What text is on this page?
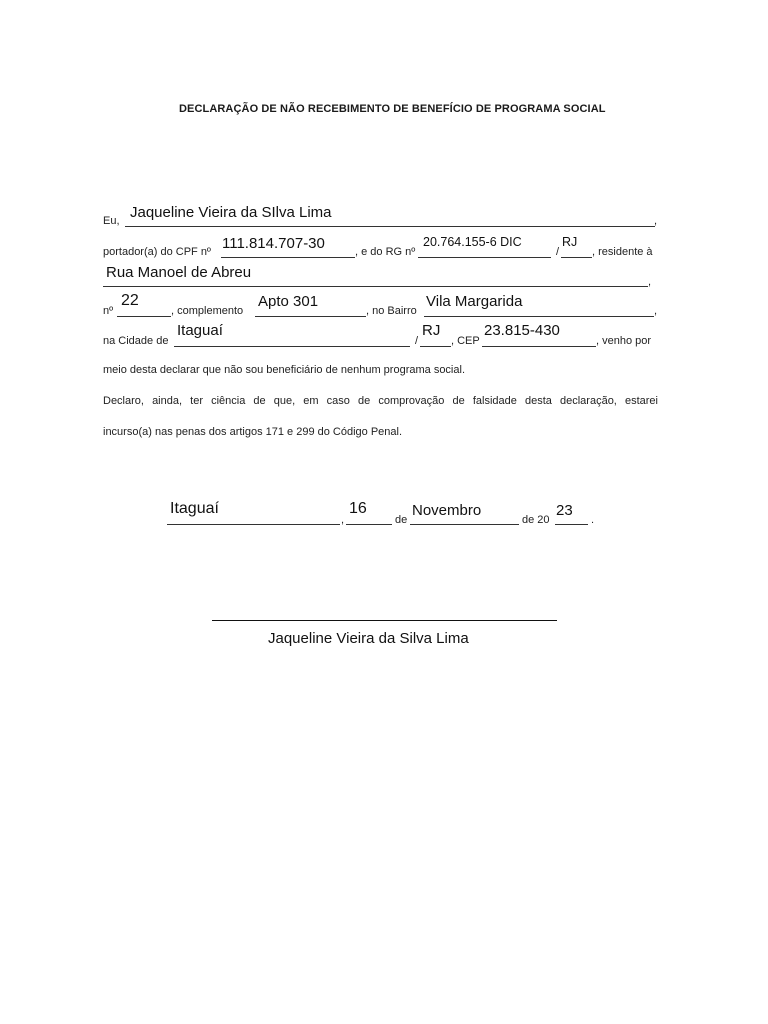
DECLARAÇÃO DE NÃO RECEBIMENTO DE BENEFÍCIO DE PROGRAMA SOCIAL
Eu,	,
Jaqueline Vieira da SIlva Lima
portador(a) do CPF nº 111.814.707-30	, e do RG nº
20.764.155-6 DIC
/
RJ
, residente à
,
Rua Manoel de Abreu
nº
22
, complemento
Apto 301
, no Bairro	,
Vila Margarida
na Cidade de
Itaguaí
/
RJ
, CEP
23.815-430
, venho por
meio desta declarar que não sou beneficiário de nenhum programa social.
Declaro, ainda, ter ciência de que, em caso de comprovação de falsidade desta declaração, estarei
incurso(a) nas penas dos artigos 171 e 299 do Código Penal.
Itaguaí
,
16
de
Novembro
de 20
23
.
Jaqueline Vieira da Silva Lima
